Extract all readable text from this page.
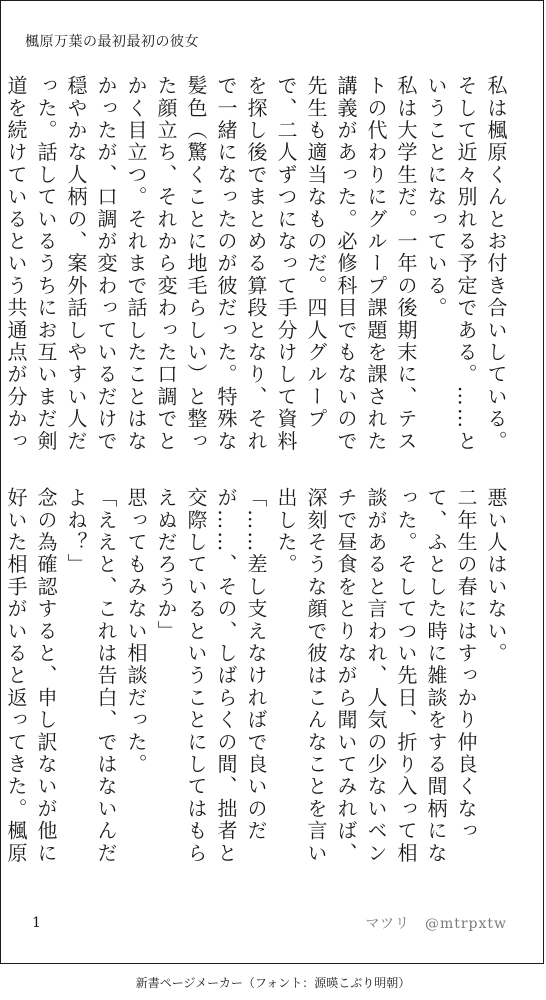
楓原万葉の最初最初の彼女

私は楓原くんとお付き合いしている。そして近々別れる予定である。……ということになっている。

私は大学生だ。一年の後期末に、テストの代わりにグループ課題を課された講義があった。必修科目でもないので先生も適当なものだ。四人グループで、二人ずつになって手分けして資料を探し後でまとめる算段となり、それで一緒になったのが彼だった。特殊な髪色（驚くことに地毛らしい）と整った顔立ち、それから変わった口調でとかく目立つ。それまで話したことはなかったが、口調が変わっているだけで穏やかな人柄の、案外話しやすい人だった。話しているうちにお互いまだ剣道を続けているという共通点が分かっ

悪い人はいない。

二年生の春にはすっかり仲良くなって、ふとした時に雑談をする間柄になった。そしてつい先日、折り入って相談があると言われ、人気の少ないベンチで昼食をとりながら聞いてみれば、深刻そうな顔で彼はこんなことを言い出した。

「……差し支えなければで良いのだが……、その、しばらくの間、拙者と交際しているということにしてはもらえぬだろうか」

思ってもみない相談だった。

「ええと、これは告白、ではないんだよね？」

念の為確認すると、申し訳ないが他に好いた相手がいると返ってきた。楓原

1	マツリ　@mtrpxtw
新書ページメーカー（フォント：源暎こぶり明朝）
